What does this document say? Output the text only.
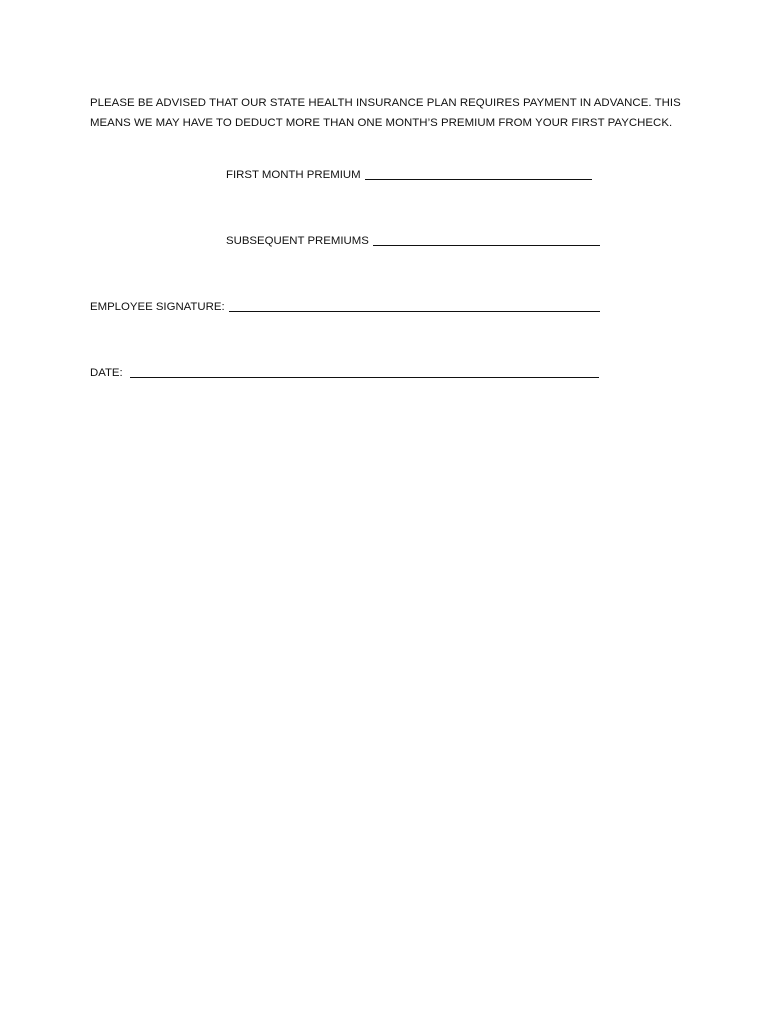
PLEASE BE ADVISED THAT OUR STATE HEALTH INSURANCE PLAN REQUIRES PAYMENT IN ADVANCE. THIS MEANS WE MAY HAVE TO DEDUCT MORE THAN ONE MONTH’S PREMIUM FROM YOUR FIRST PAYCHECK.

FIRST MONTH PREMIUM
SUBSEQUENT PREMIUMS
EMPLOYEE SIGNATURE:
DATE:
